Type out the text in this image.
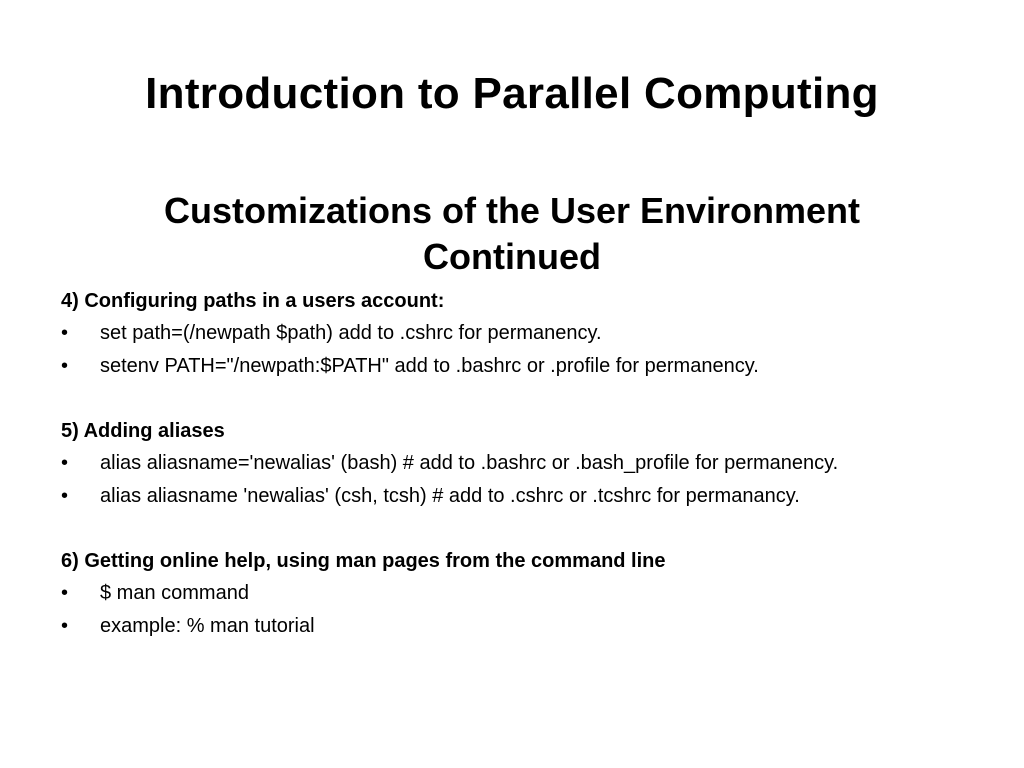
Introduction to Parallel Computing
Customizations of the User Environment
Continued
4) Configuring paths in a users account:
• set path=(/newpath $path) add to .cshrc for permanency.
• setenv PATH="/newpath:$PATH" add to .bashrc or .profile for permanency.
5) Adding aliases
• alias aliasname='newalias' (bash) # add to .bashrc or .bash_profile for permanency.
• alias aliasname 'newalias' (csh, tcsh) # add to .cshrc or .tcshrc for permanancy.
6) Getting online help, using man pages from the command line
• $ man command
• example: % man tutorial
